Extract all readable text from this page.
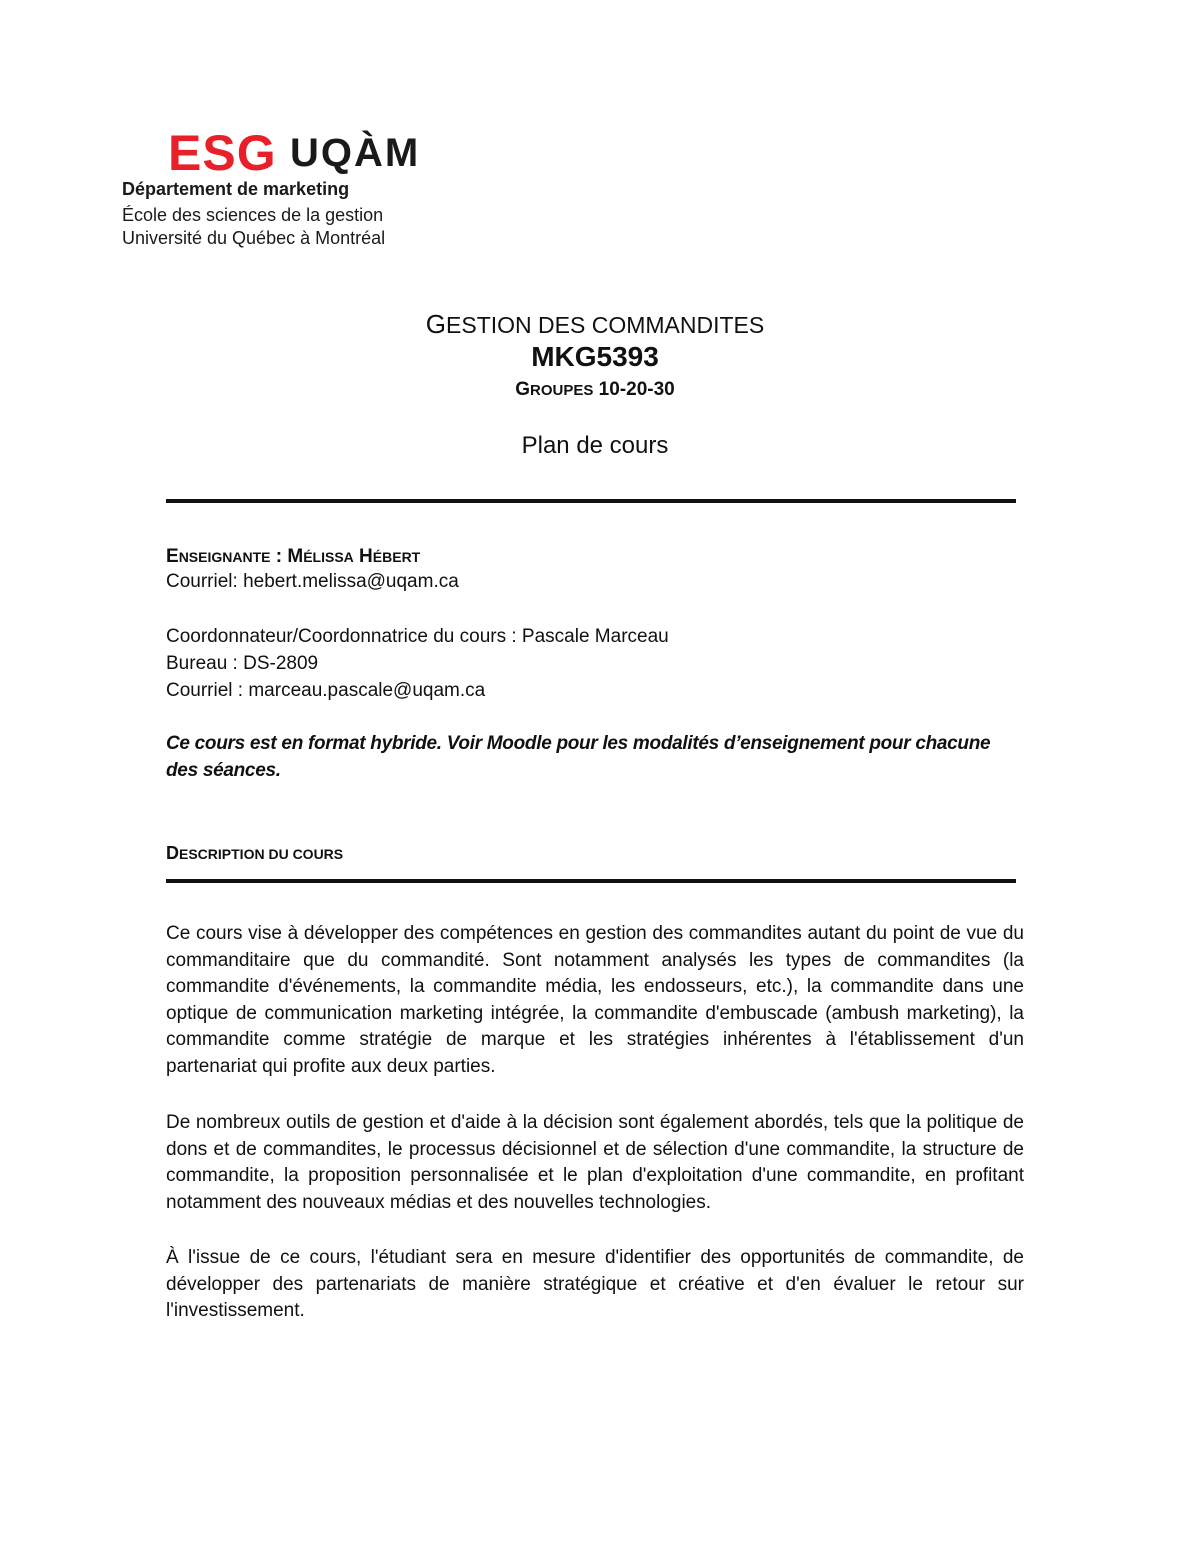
ESG UQÀM
Département de marketing
École des sciences de la gestion
Université du Québec à Montréal
GESTION DES COMMANDITES
MKG5393
GROUPES 10-20-30
Plan de cours
ENSEIGNANTE : MÉLISSA HÉBERT
Courriel: hebert.melissa@uqam.ca
Coordonnateur/Coordonnatrice du cours : Pascale Marceau
Bureau : DS-2809
Courriel : marceau.pascale@uqam.ca
Ce cours est en format hybride. Voir Moodle pour les modalités d’enseignement pour chacune des séances.
DESCRIPTION DU COURS
Ce cours vise à développer des compétences en gestion des commandites autant du point de vue du commanditaire que du commandité. Sont notamment analysés les types de commandites (la commandite d'événements, la commandite média, les endosseurs, etc.), la commandite dans une optique de communication marketing intégrée, la commandite d'embuscade (ambush marketing), la commandite comme stratégie de marque et les stratégies inhérentes à l'établissement d'un partenariat qui profite aux deux parties.
De nombreux outils de gestion et d'aide à la décision sont également abordés, tels que la politique de dons et de commandites, le processus décisionnel et de sélection d'une commandite, la structure de commandite, la proposition personnalisée et le plan d'exploitation d'une commandite, en profitant notamment des nouveaux médias et des nouvelles technologies.
À l'issue de ce cours, l'étudiant sera en mesure d'identifier des opportunités de commandite, de développer des partenariats de manière stratégique et créative et d'en évaluer le retour sur l'investissement.
